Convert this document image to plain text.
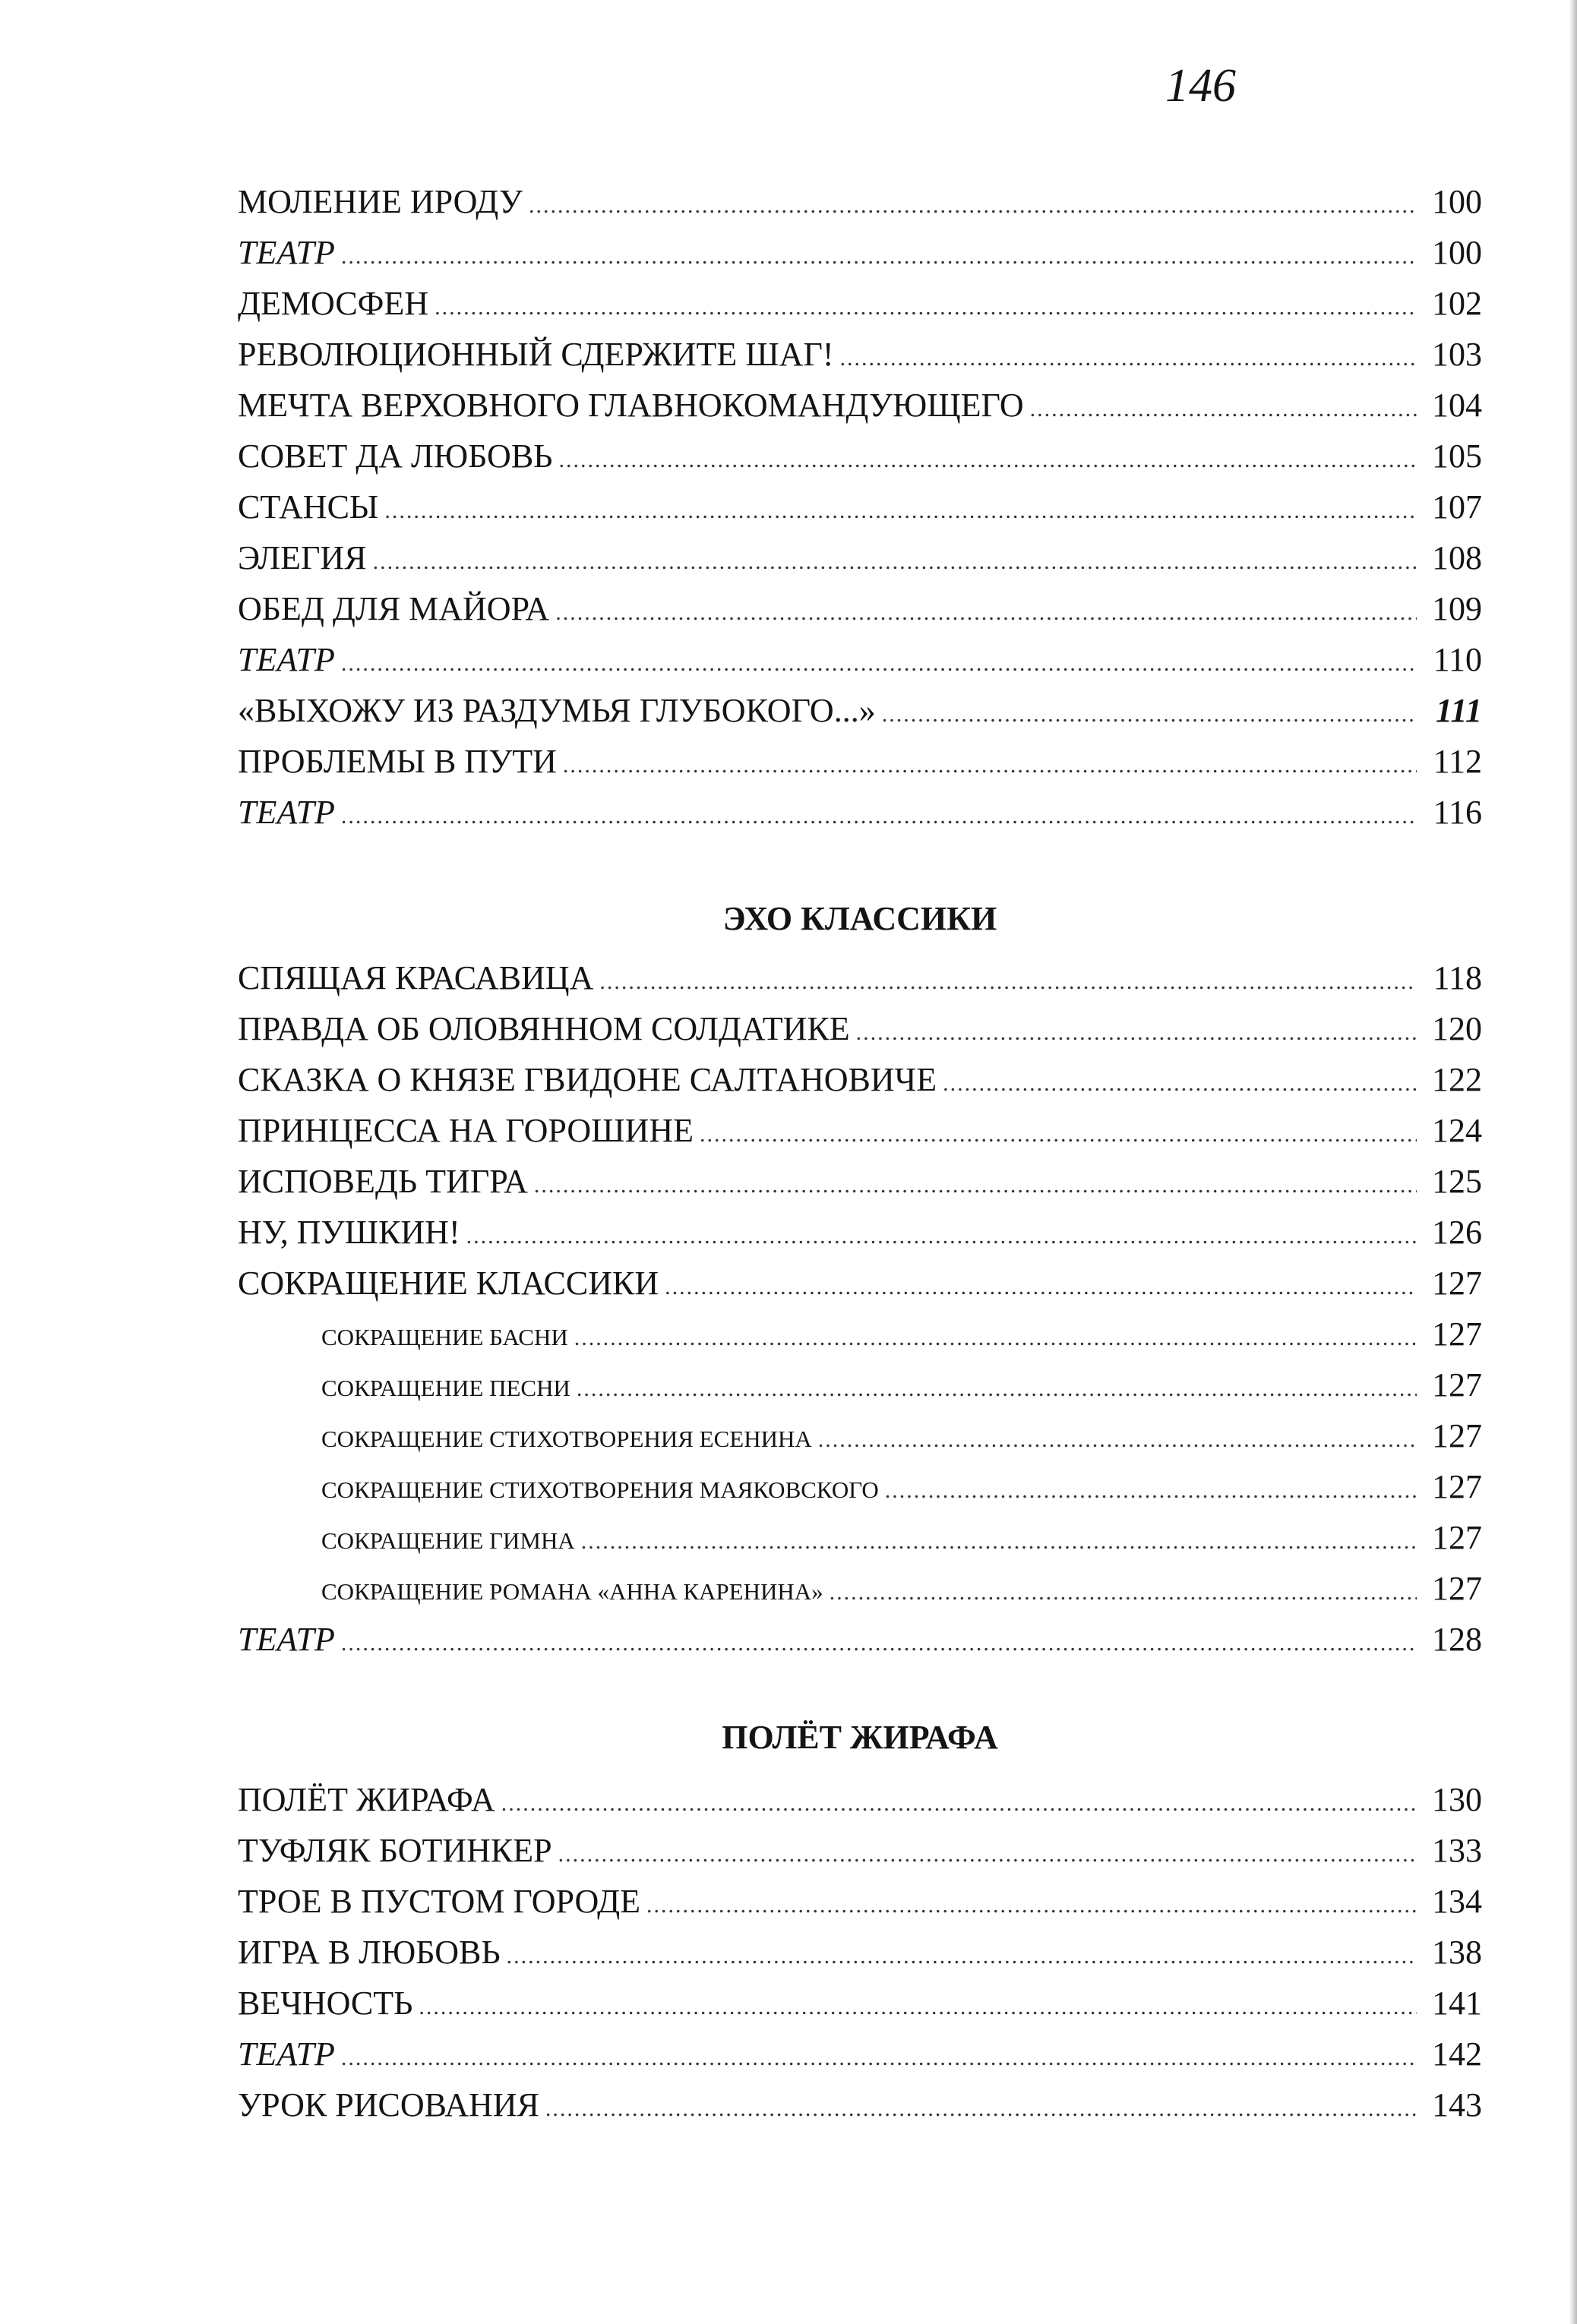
146
МОЛЕНИЕ ИРОДУ .....	100
ТЕАТР .....	100
ДЕМОСФЕН .....	102
РЕВОЛЮЦИОННЫЙ СДЕРЖИТЕ ШАГ! .....	103
МЕЧТА ВЕРХОВНОГО ГЛАВНОКОМАНДУЮЩЕГО .....	104
СОВЕТ ДА ЛЮБОВЬ .....	105
СТАНСЫ .....	107
ЭЛЕГИЯ .....	108
ОБЕД ДЛЯ МАЙОРА .....	109
ТЕАТР .....	110
«ВЫХОЖУ ИЗ РАЗДУМЬЯ ГЛУБОКОГО...» .....	111
ПРОБЛЕМЫ В ПУТИ .....	112
ТЕАТР .....	116
ЭХО КЛАССИКИ
СПЯЩАЯ КРАСАВИЦА .....	118
ПРАВДА ОБ ОЛОВЯННОМ СОЛДАТИКЕ .....	120
СКАЗКА О КНЯЗЕ ГВИДОНЕ САЛТАНОВИЧЕ .....	122
ПРИНЦЕССА НА ГОРОШИНЕ .....	124
ИСПОВЕДЬ ТИГРА .....	125
НУ, ПУШКИН! .....	126
СОКРАЩЕНИЕ КЛАССИКИ .....	127
СОКРАЩЕНИЕ БАСНИ .....	127
СОКРАЩЕНИЕ ПЕСНИ .....	127
СОКРАЩЕНИЕ СТИХОТВОРЕНИЯ ЕСЕНИНА .....	127
СОКРАЩЕНИЕ СТИХОТВОРЕНИЯ МАЯКОВСКОГО .....	127
СОКРАЩЕНИЕ ГИМНА .....	127
СОКРАЩЕНИЕ РОМАНА «АННА КАРЕНИНА» .....	127
ТЕАТР .....	128
ПОЛЁТ ЖИРАФА
ПОЛЁТ ЖИРАФА .....	130
ТУФЛЯК БОТИНКЕР .....	133
ТРОЕ В ПУСТОМ ГОРОДЕ .....	134
ИГРА В ЛЮБОВЬ .....	138
ВЕЧНОСТЬ .....	141
ТЕАТР .....	142
УРОК РИСОВАНИЯ .....	143
